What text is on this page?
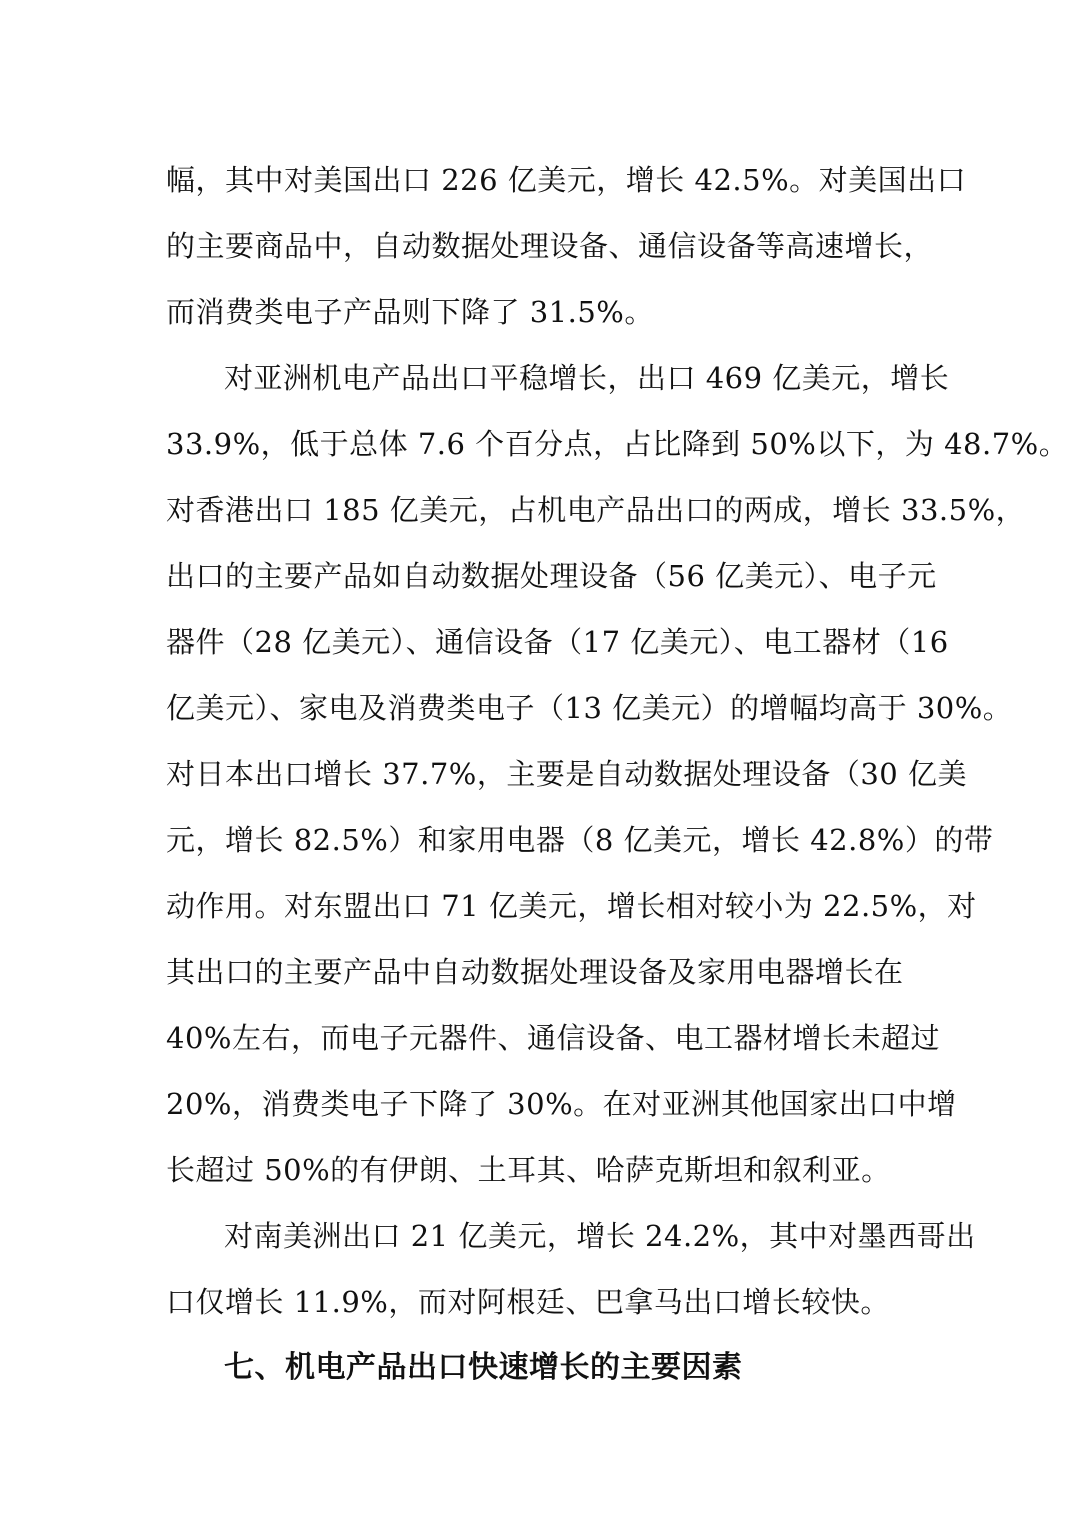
幅，其中对美国出口 226 亿美元，增长 42.5%。对美国出口
的主要商品中，自动数据处理设备、通信设备等高速增长，
而消费类电子产品则下降了 31.5%。
对亚洲机电产品出口平稳增长，出口 469 亿美元，增长
33.9%，低于总体 7.6 个百分点，占比降到 50%以下，为 48.7%。
对香港出口 185 亿美元，占机电产品出口的两成，增长 33.5%，
出口的主要产品如自动数据处理设备（56 亿美元）、电子元
器件（28 亿美元）、通信设备（17 亿美元）、电工器材（16
亿美元）、家电及消费类电子（13 亿美元）的增幅均高于 30%。
对日本出口增长 37.7%，主要是自动数据处理设备（30 亿美
元，增长 82.5%）和家用电器（8 亿美元，增长 42.8%）的带
动作用。对东盟出口 71 亿美元，增长相对较小为 22.5%，对
其出口的主要产品中自动数据处理设备及家用电器增长在
40%左右，而电子元器件、通信设备、电工器材增长未超过
20%，消费类电子下降了 30%。在对亚洲其他国家出口中增
长超过 50%的有伊朗、土耳其、哈萨克斯坦和叙利亚。
对南美洲出口 21 亿美元，增长 24.2%，其中对墨西哥出
口仅增长 11.9%，而对阿根廷、巴拿马出口增长较快。
七、机电产品出口快速增长的主要因素
